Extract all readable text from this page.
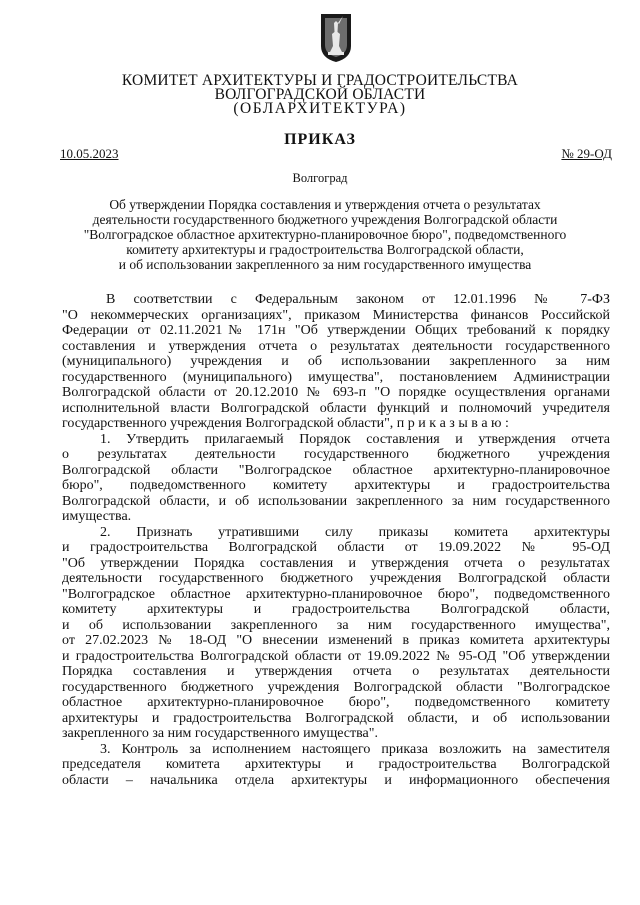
КОМИТЕТ АРХИТЕКТУРЫ И ГРАДОСТРОИТЕЛЬСТВА
ВОЛГОГРАДСКОЙ ОБЛАСТИ
(ОБЛАРХИТЕКТУРА)
ПРИКАЗ
10.05.2023	№ 29-ОД
Волгоград
Об утверждении Порядка составления и утверждения отчета о результатах
деятельности государственного бюджетного учреждения Волгоградской области
"Волгоградское областное архитектурно-планировочное бюро", подведомственного
комитету архитектуры и градостроительства Волгоградской области,
и об использовании закрепленного за ним государственного имущества
В соответствии с Федеральным законом от 12.01.1996 № 7-ФЗ
"О некоммерческих организациях", приказом Министерства финансов Российской
Федерации от 02.11.2021№ 171н "Об утверждении Общих требований к порядку
составления и утверждения отчета о результатах деятельности государственного
(муниципального) учреждения и об использовании закрепленного за ним
государственного (муниципального) имущества", постановлением Администрации
Волгоградской области от 20.12.2010 № 693-п "О порядке осуществления органами
исполнительной власти Волгоградской области функций и полномочий учредителя
государственного учреждения Волгоградской области", п р и к а з ы в а ю :
1. Утвердить прилагаемый Порядок составления и утверждения отчета
о результатах деятельности государственного бюджетного учреждения
Волгоградской области "Волгоградское областное архитектурно-планировочное
бюро", подведомственного комитету архитектуры и градостроительства
Волгоградской области, и об использовании закрепленного за ним государственного
имущества.
2. Признать утратившими силу приказы комитета архитектуры
и градостроительства Волгоградской области от 19.09.2022 № 95-ОД
"Об утверждении Порядка составления и утверждения отчета о результатах
деятельности государственного бюджетного учреждения Волгоградской области
"Волгоградское областное архитектурно-планировочное бюро", подведомственного
комитету архитектуры и градостроительства Волгоградской области,
и об использовании закрепленного за ним государственного имущества",
от 27.02.2023 № 18-ОД "О внесении изменений в приказ комитета архитектуры
и градостроительства Волгоградской области от 19.09.2022 № 95-ОД "Об утверждении
Порядка составления и утверждения отчета о результатах деятельности
государственного бюджетного учреждения Волгоградской области "Волгоградское
областное архитектурно-планировочное бюро", подведомственного комитету
архитектуры и градостроительства Волгоградской области, и об использовании
закрепленного за ним государственного имущества".
3. Контроль за исполнением настоящего приказа возложить на заместителя
председателя комитета архитектуры и градостроительства Волгоградской
области – начальника отдела архитектуры и информационного обеспечения
